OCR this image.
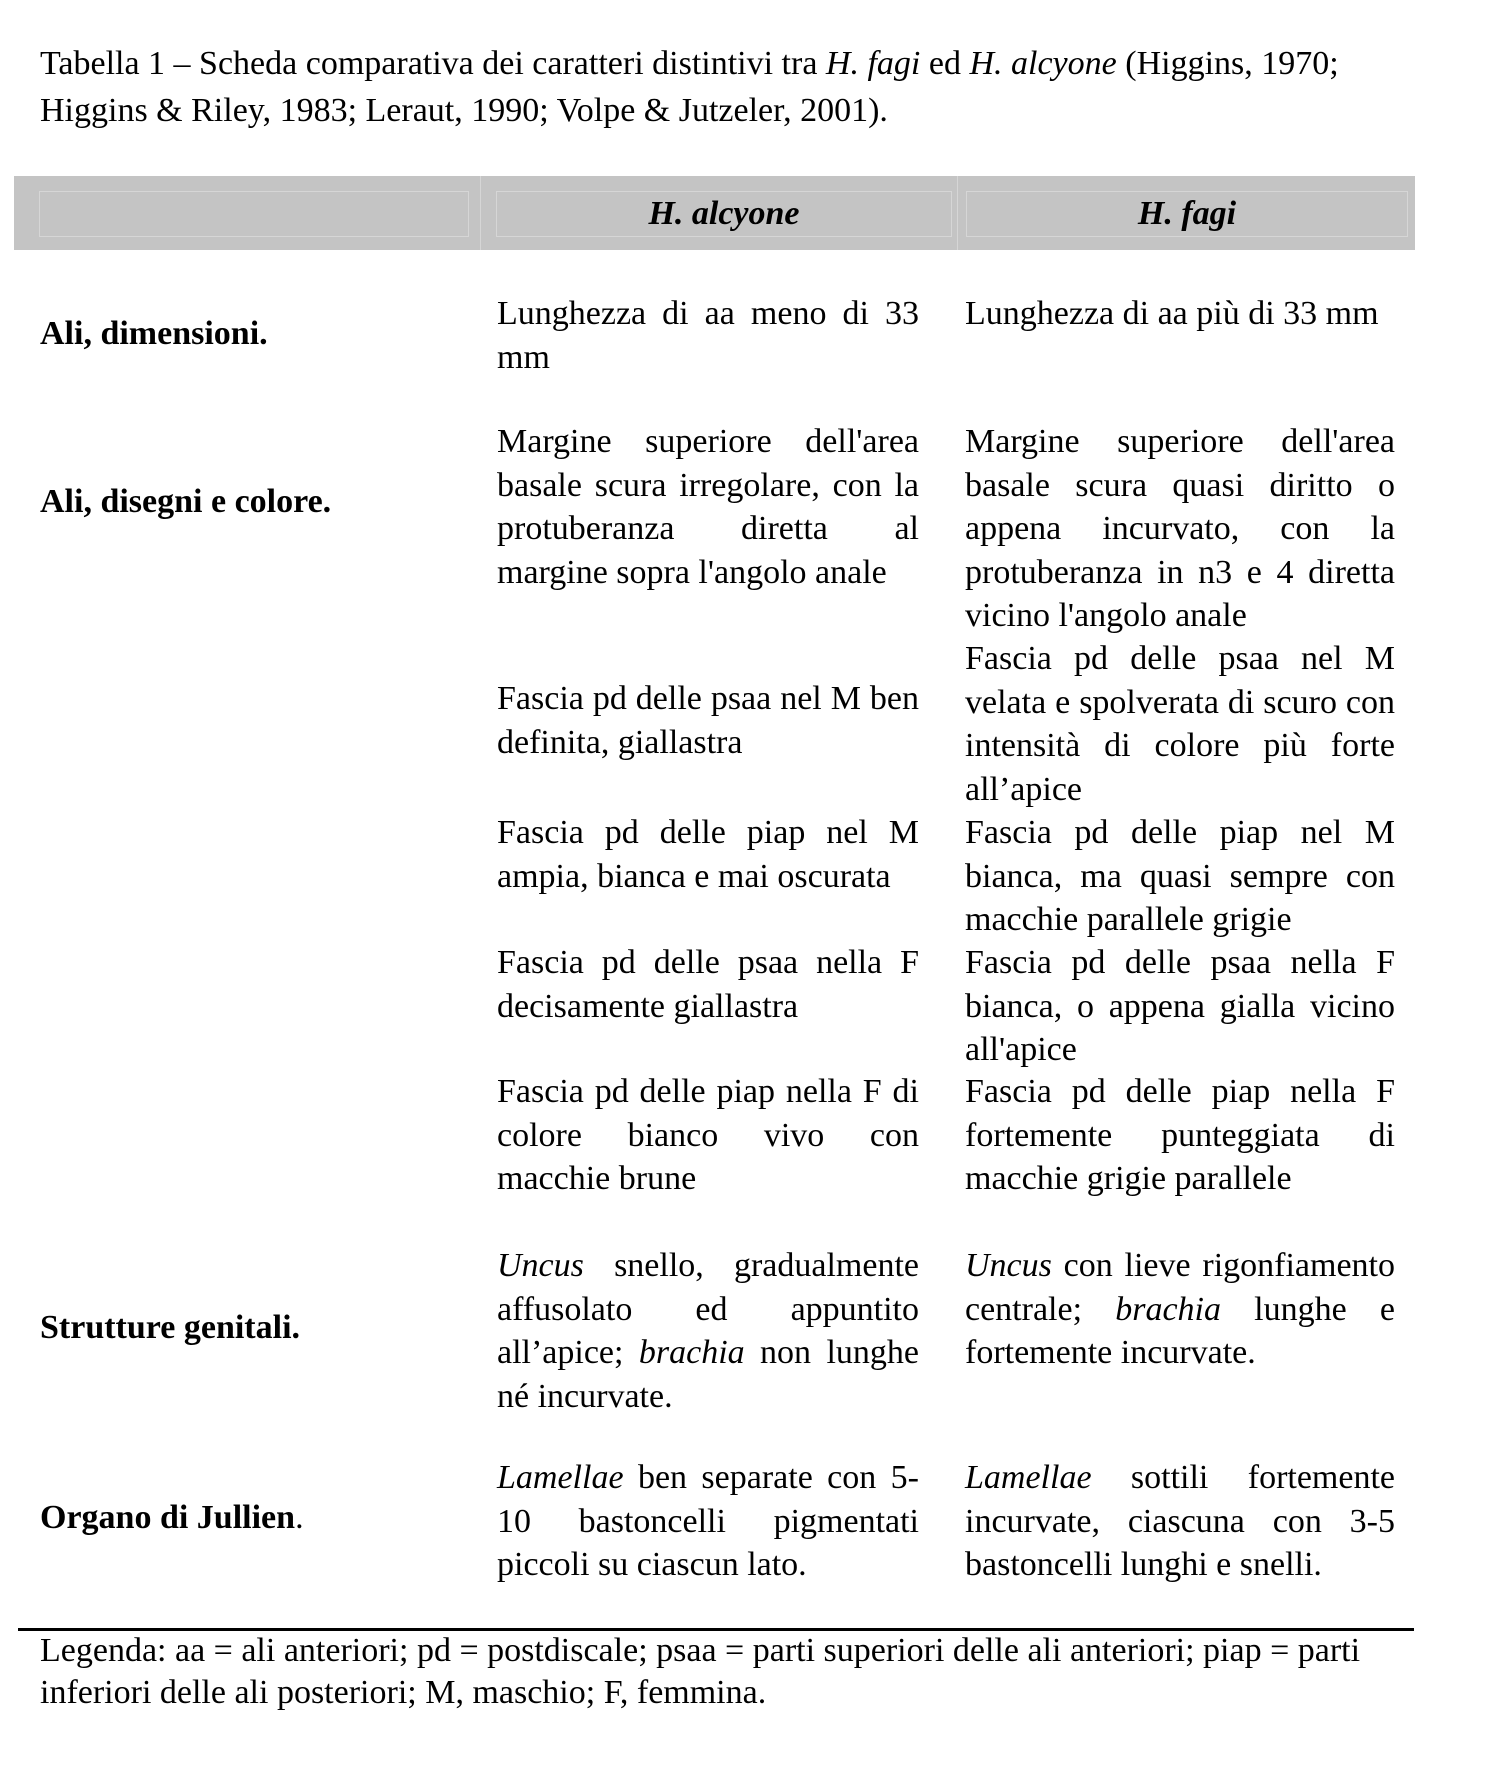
Tabella 1 – Scheda comparativa dei caratteri distintivi tra H. fagi ed H. alcyone (Higgins, 1970; Higgins & Riley, 1983; Leraut, 1990; Volpe & Jutzeler, 2001).
H. alcyone	H. fagi
Ali, dimensioni.
Lunghezza di aa meno di 33 mm
Lunghezza di aa più di 33 mm
Ali, disegni e colore.
Margine superiore dell'area basale scura irregolare, con la protuberanza diretta al margine sopra l'angolo anale
Fascia pd delle psaa nel M ben definita, giallastra
Fascia pd delle piap nel M ampia, bianca e mai oscurata
Fascia pd delle psaa nella F decisamente giallastra
Fascia pd delle piap nella F di colore bianco vivo con macchie brune
Margine superiore dell'area basale scura quasi diritto o appena incurvato, con la protuberanza in n3 e 4 diretta vicino l'angolo anale
Fascia pd delle psaa nel M velata e spolverata di scuro con intensità di colore più forte all’apice
Fascia pd delle piap nel M bianca, ma quasi sempre con macchie parallele grigie
Fascia pd delle psaa nella F bianca, o appena gialla vicino all'apice
Fascia pd delle piap nella F fortemente punteggiata di macchie grigie parallele
Strutture genitali.
Uncus snello, gradualmente affusolato ed appuntito all’apice; brachia non lunghe né incurvate.
Uncus con lieve rigonfiamento centrale; brachia lunghe e fortemente incurvate.
Organo di Jullien.
Lamellae ben separate con 5-10 bastoncelli pigmentati piccoli su ciascun lato.
Lamellae sottili fortemente incurvate, ciascuna con 3-5 bastoncelli lunghi e snelli.
Legenda: aa = ali anteriori; pd = postdiscale; psaa = parti superiori delle ali anteriori; piap = parti inferiori delle ali posteriori; M, maschio; F, femmina.
